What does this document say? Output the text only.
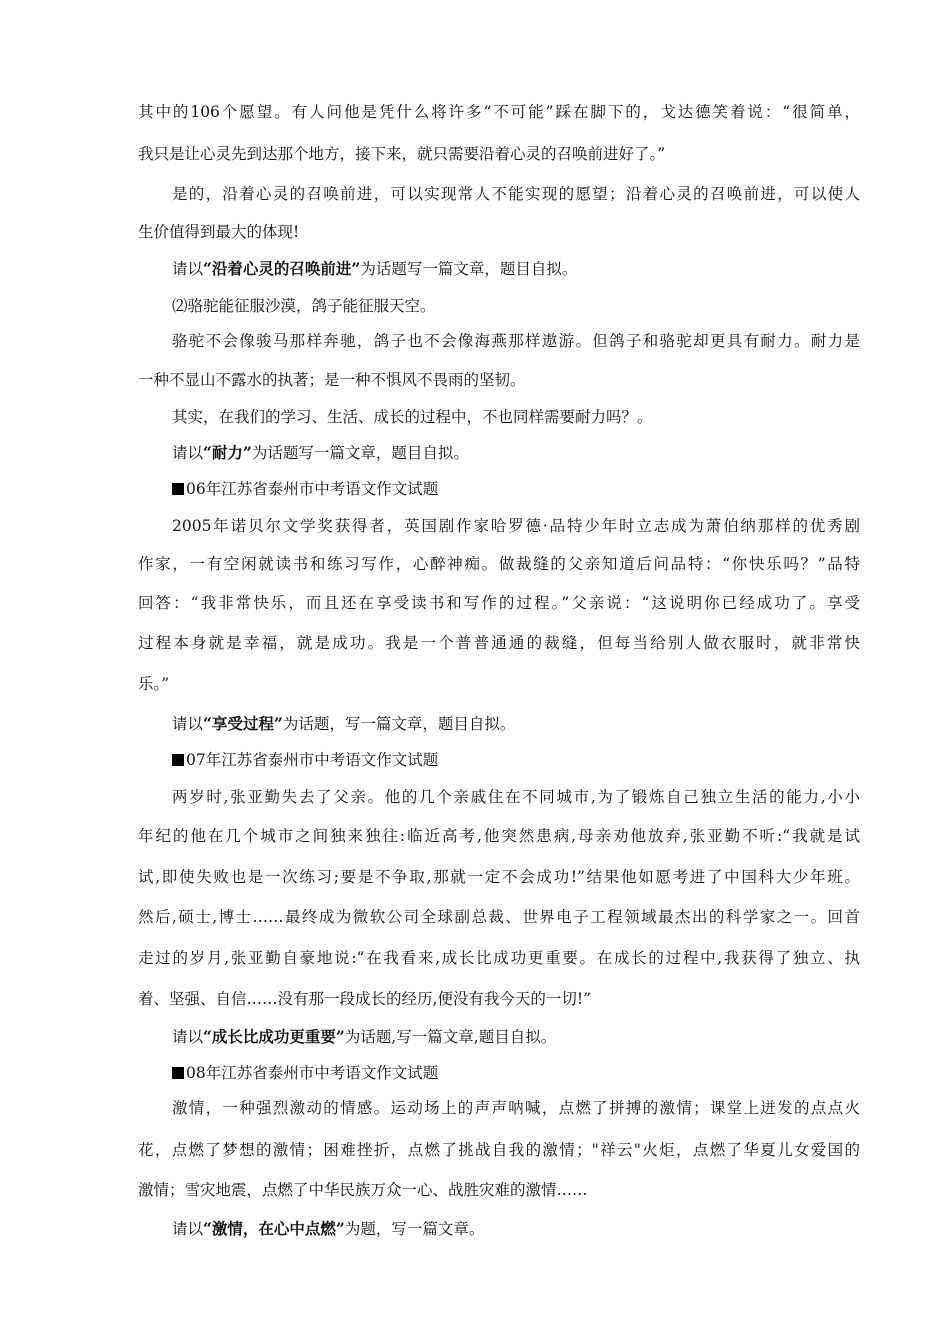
其中的106个愿望。有人问他是凭什么将许多“不可能”踩在脚下的，戈达德笑着说：“很简单，
我只是让心灵先到达那个地方，接下来，就只需要沿着心灵的召唤前进好了。”
是的，沿着心灵的召唤前进，可以实现常人不能实现的愿望；沿着心灵的召唤前进，可以使人
生价值得到最大的体现!
请以“沿着心灵的召唤前进”为话题写一篇文章，题目自拟。
⑵骆驼能征服沙漠，鸽子能征服天空。
骆驼不会像骏马那样奔驰，鸽子也不会像海燕那样遨游。但鸽子和骆驼却更具有耐力。耐力是
一种不显山不露水的执著；是一种不惧风不畏雨的坚韧。
其实，在我们的学习、生活、成长的过程中，不也同样需要耐力吗？。
请以“耐力”为话题写一篇文章，题目自拟。
06年江苏省泰州市中考语文作文试题
2005年诺贝尔文学奖获得者，英国剧作家哈罗德·品特少年时立志成为萧伯纳那样的优秀剧
作家，一有空闲就读书和练习写作，心醉神痴。做裁缝的父亲知道后问品特：“你快乐吗？”品特
回答：“我非常快乐，而且还在享受读书和写作的过程。”父亲说：“这说明你已经成功了。享受
过程本身就是幸福，就是成功。我是一个普普通通的裁缝，但每当给别人做衣服时，就非常快
乐。”
请以“享受过程”为话题，写一篇文章，题目自拟。
07年江苏省泰州市中考语文作文试题
两岁时,张亚勤失去了父亲。他的几个亲戚住在不同城市,为了锻炼自己独立生活的能力,小小
年纪的他在几个城市之间独来独往:临近高考,他突然患病,母亲劝他放弃,张亚勤不听:“我就是试
试,即使失败也是一次练习;要是不争取,那就一定不会成功!”结果他如愿考进了中国科大少年班。
然后,硕士,博士……最终成为微软公司全球副总裁、世界电子工程领域最杰出的科学家之一。回首
走过的岁月,张亚勤自豪地说:“在我看来,成长比成功更重要。在成长的过程中,我获得了独立、执
着、坚强、自信……没有那一段成长的经历,便没有我今天的一切!”
请以“成长比成功更重要”为话题,写一篇文章,题目自拟。
08年江苏省泰州市中考语文作文试题
激情，一种强烈激动的情感。运动场上的声声呐喊，点燃了拼搏的激情；课堂上迸发的点点火
花，点燃了梦想的激情；困难挫折，点燃了挑战自我的激情；"祥云"火炬，点燃了华夏儿女爱国的
激情；雪灾地震，点燃了中华民族万众一心、战胜灾难的激情……
请以“激情，在心中点燃”为题，写一篇文章。
